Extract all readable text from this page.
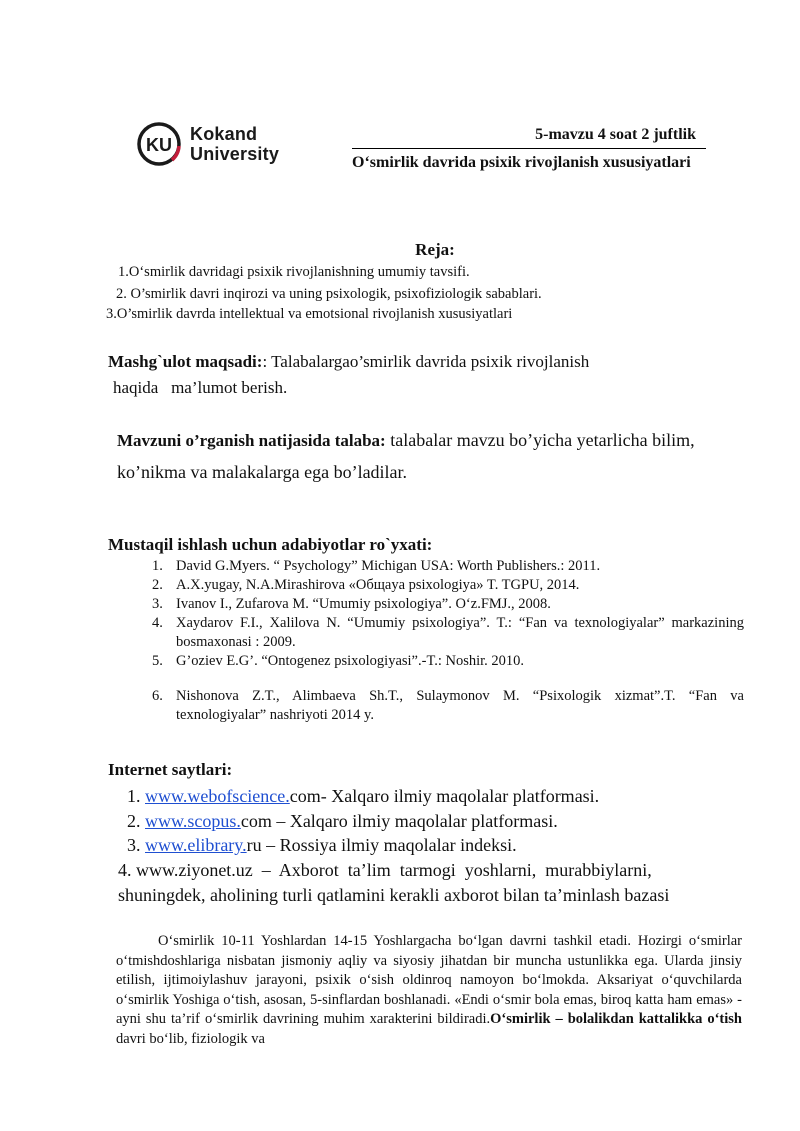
KU
Kokand
University
5-mavzu 4 soat 2 juftlik
O‘smirlik davrida psixik rivojlanish xususiyatlari
Reja:
1.O‘smirlik davridagi psixik rivojlanishning umumiy tavsifi.
2. O’smirlik davri inqirozi va uning psixologik, psixofiziologik sabablari.
3.O’smirlik davrda intellektual va emotsional rivojlanish xususiyatlari
Mashg`ulot maqsadi:: Talabalargao’smirlik davrida psixik rivojlanish
haqida   ma’lumot berish.
Mavzuni o’rganish natijasida talaba: talabalar mavzu bo’yicha yetarlicha bilim,
ko’nikma va malakalarga ega bo’ladilar.
Mustaqil ishlash uchun adabiyotlar ro`yxati:
1. David G.Myers. “ Psychology” Michigan USA: Worth Publishers.: 2011.
2. A.X.yugay, N.A.Mirashirova «Общaya psixologiya» T. TGPU, 2014.
3. Ivanov I., Zufarova M. “Umumiy psixologiya”. O‘z.FMJ., 2008.
4. Xaydarov F.I., Xalilova N. “Umumiy psixologiya”. T.: “Fan va texnologiyalar” markazining bosmaxonasi : 2009.
5. G’oziev E.G’. “Ontogenez psixologiyasi”.-T.: Noshir. 2010.
6. Nishonova Z.T., Alimbaeva Sh.T., Sulaymonov M. “Psixologik xizmat”.T. “Fan va texnologiyalar” nashriyoti 2014 y.
Internet saytlari:
1. www.webofscience.com- Xalqaro ilmiy maqolalar platformasi.
2. www.scopus.com – Xalqaro ilmiy maqolalar platformasi.
3. www.elibrary.ru – Rossiya ilmiy maqolalar indeksi.
4. www.ziyonet.uz  –  Axborot  ta’lim  tarmogi  yoshlarni,  murabbiylarni,
shuningdek, aholining turli qatlamini kerakli axborot bilan ta’minlash bazasi
O‘smirlik 10-11 Yoshlardan 14-15 Yoshlargacha bo‘lgan davrni tashkil etadi. Hozirgi o‘smirlar o‘tmishdoshlariga nisbatan jismoniy aqliy va siyosiy jihatdan bir muncha ustunlikka ega. Ularda jinsiy etilish, ijtimoiylashuv jarayoni, psixik o‘sish oldinroq namoyon bo‘lmokda. Aksariyat o‘quvchilarda o‘smirlik Yoshiga o‘tish, asosan, 5-sinflardan boshlanadi. «Endi o‘smir bola emas, biroq katta ham emas» - ayni shu ta’rif o‘smirlik davrining muhim xarakterini bildiradi.O‘smirlik – bolalikdan kattalikka o‘tish davri bo‘lib, fiziologik va
